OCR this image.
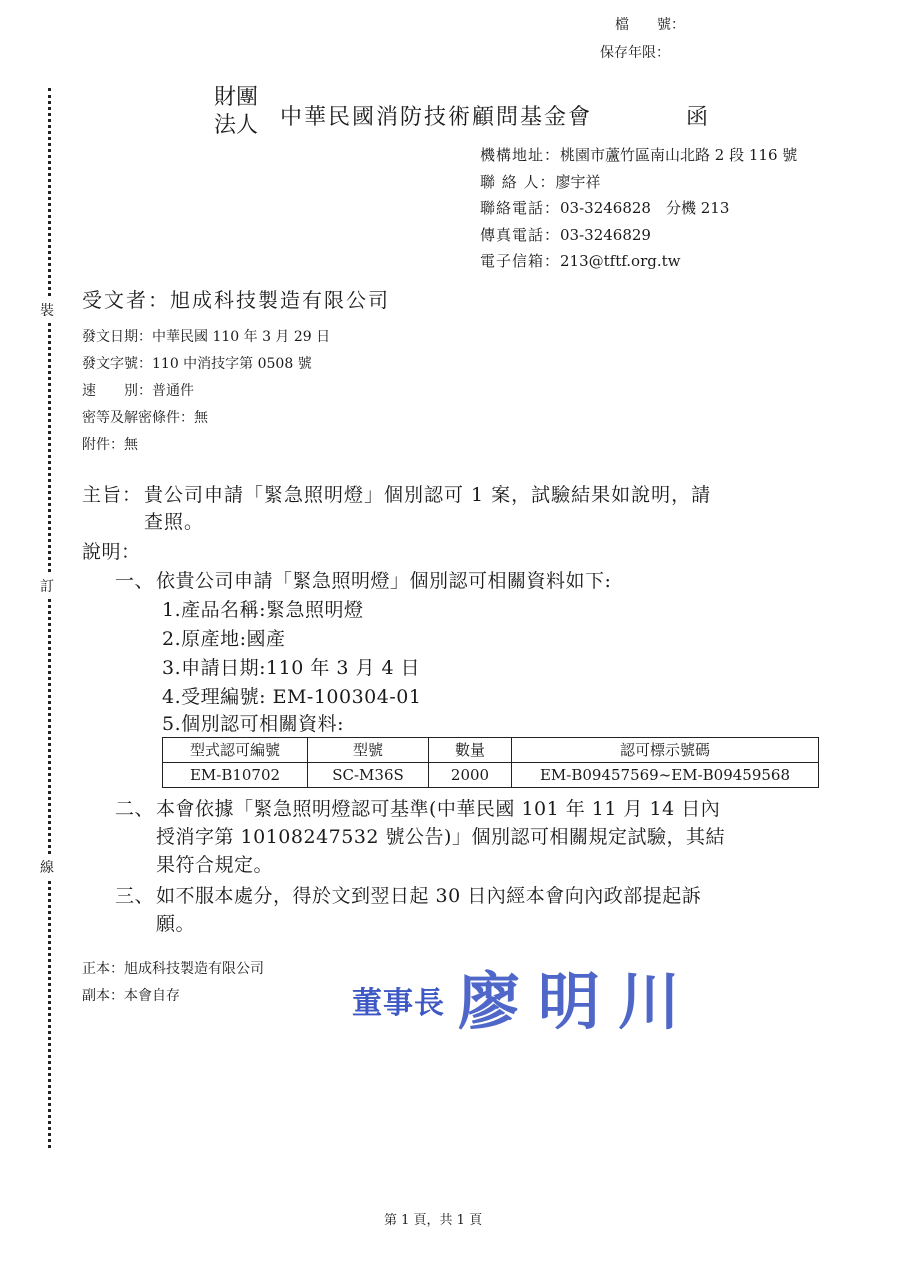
檔　　號：
保存年限：
裝
訂
線
財團
法人 中華民國消防技術顧問基金會	函
機構地址：桃園市蘆竹區南山北路 2 段 116 號
聯 絡 人：廖宇祥
聯絡電話：03-3246828　分機 213
傳真電話：03-3246829
電子信箱：213@tftf.org.tw
受文者：旭成科技製造有限公司
發文日期：中華民國 110 年 3 月 29 日
發文字號：110 中消技字第 0508 號
速　　別：普通件
密等及解密條件：無
附件：無
主旨： 貴公司申請「緊急照明燈」個別認可 1 案，試驗結果如說明，請
查照。
說明：
一、 依貴公司申請「緊急照明燈」個別認可相關資料如下:
1.產品名稱:緊急照明燈
2.原產地:國產
3.申請日期:110 年 3 月 4 日
4.受理編號: EM-100304-01
5.個別認可相關資料:
型式認可編號	型號	數量	認可標示號碼
EM-B10702	SC-M36S	2000	EM-B09457569~EM-B09459568
二、 本會依據「緊急照明燈認可基準(中華民國 101 年 11 月 14 日內
授消字第 10108247532 號公告)」個別認可相關規定試驗，其結
果符合規定。
三、 如不服本處分，得於文到翌日起 30 日內經本會向內政部提起訴
願。
正本：旭成科技製造有限公司
副本：本會自存	董事長 廖明川
第 1 頁，共 1 頁
